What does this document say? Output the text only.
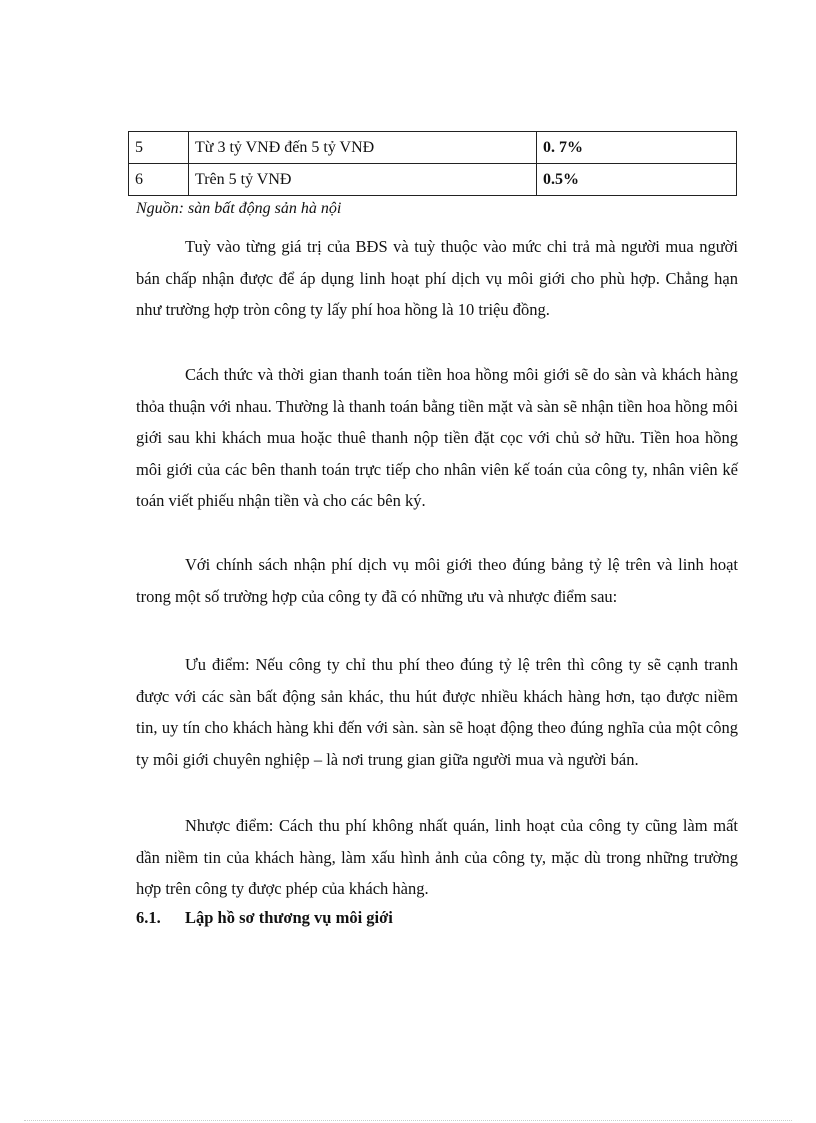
5	Từ 3 tỷ VNĐ đến 5 tỷ VNĐ	0. 7%
6	Trên 5 tỷ VNĐ	0.5%
Nguồn: sàn bất động sản hà nội

Tuỳ vào từng giá trị của BĐS và tuỳ thuộc vào mức chi trả mà người mua người bán chấp nhận được để áp dụng linh hoạt phí dịch vụ môi giới cho phù hợp. Chẳng hạn như trường hợp tròn công ty lấy phí hoa hồng là 10 triệu đồng.

Cách thức và thời gian thanh toán tiền hoa hồng môi giới sẽ do sàn và khách hàng thỏa thuận với nhau. Thường là thanh toán bằng tiền mặt và sàn sẽ nhận tiền hoa hồng môi giới sau khi khách mua hoặc thuê thanh nộp tiền đặt cọc với chủ sở hữu. Tiền hoa hồng môi giới của các bên thanh toán trực tiếp cho nhân viên kế toán của công ty, nhân viên kế toán viết phiếu nhận tiền và cho các bên ký.

Với chính sách nhận phí dịch vụ môi giới theo đúng bảng tỷ lệ trên và linh hoạt trong một số trường hợp của công ty đã có những ưu và nhược điểm sau:

Ưu điểm: Nếu công ty chỉ thu phí theo đúng tỷ lệ trên thì công ty sẽ cạnh tranh được với các sàn bất động sản khác, thu hút được nhiều khách hàng hơn, tạo được niềm tin, uy tín cho khách hàng khi đến với sàn. sàn sẽ hoạt động theo đúng nghĩa của một công ty môi giới chuyên nghiệp – là nơi trung gian giữa người mua và người bán.

Nhược điểm: Cách thu phí không nhất quán, linh hoạt của công ty cũng làm mất dần niềm tin của khách hàng, làm xấu hình ảnh của công ty, mặc dù trong những trường hợp trên công ty được phép của khách hàng.

6.1. Lập hồ sơ thương vụ môi giới
